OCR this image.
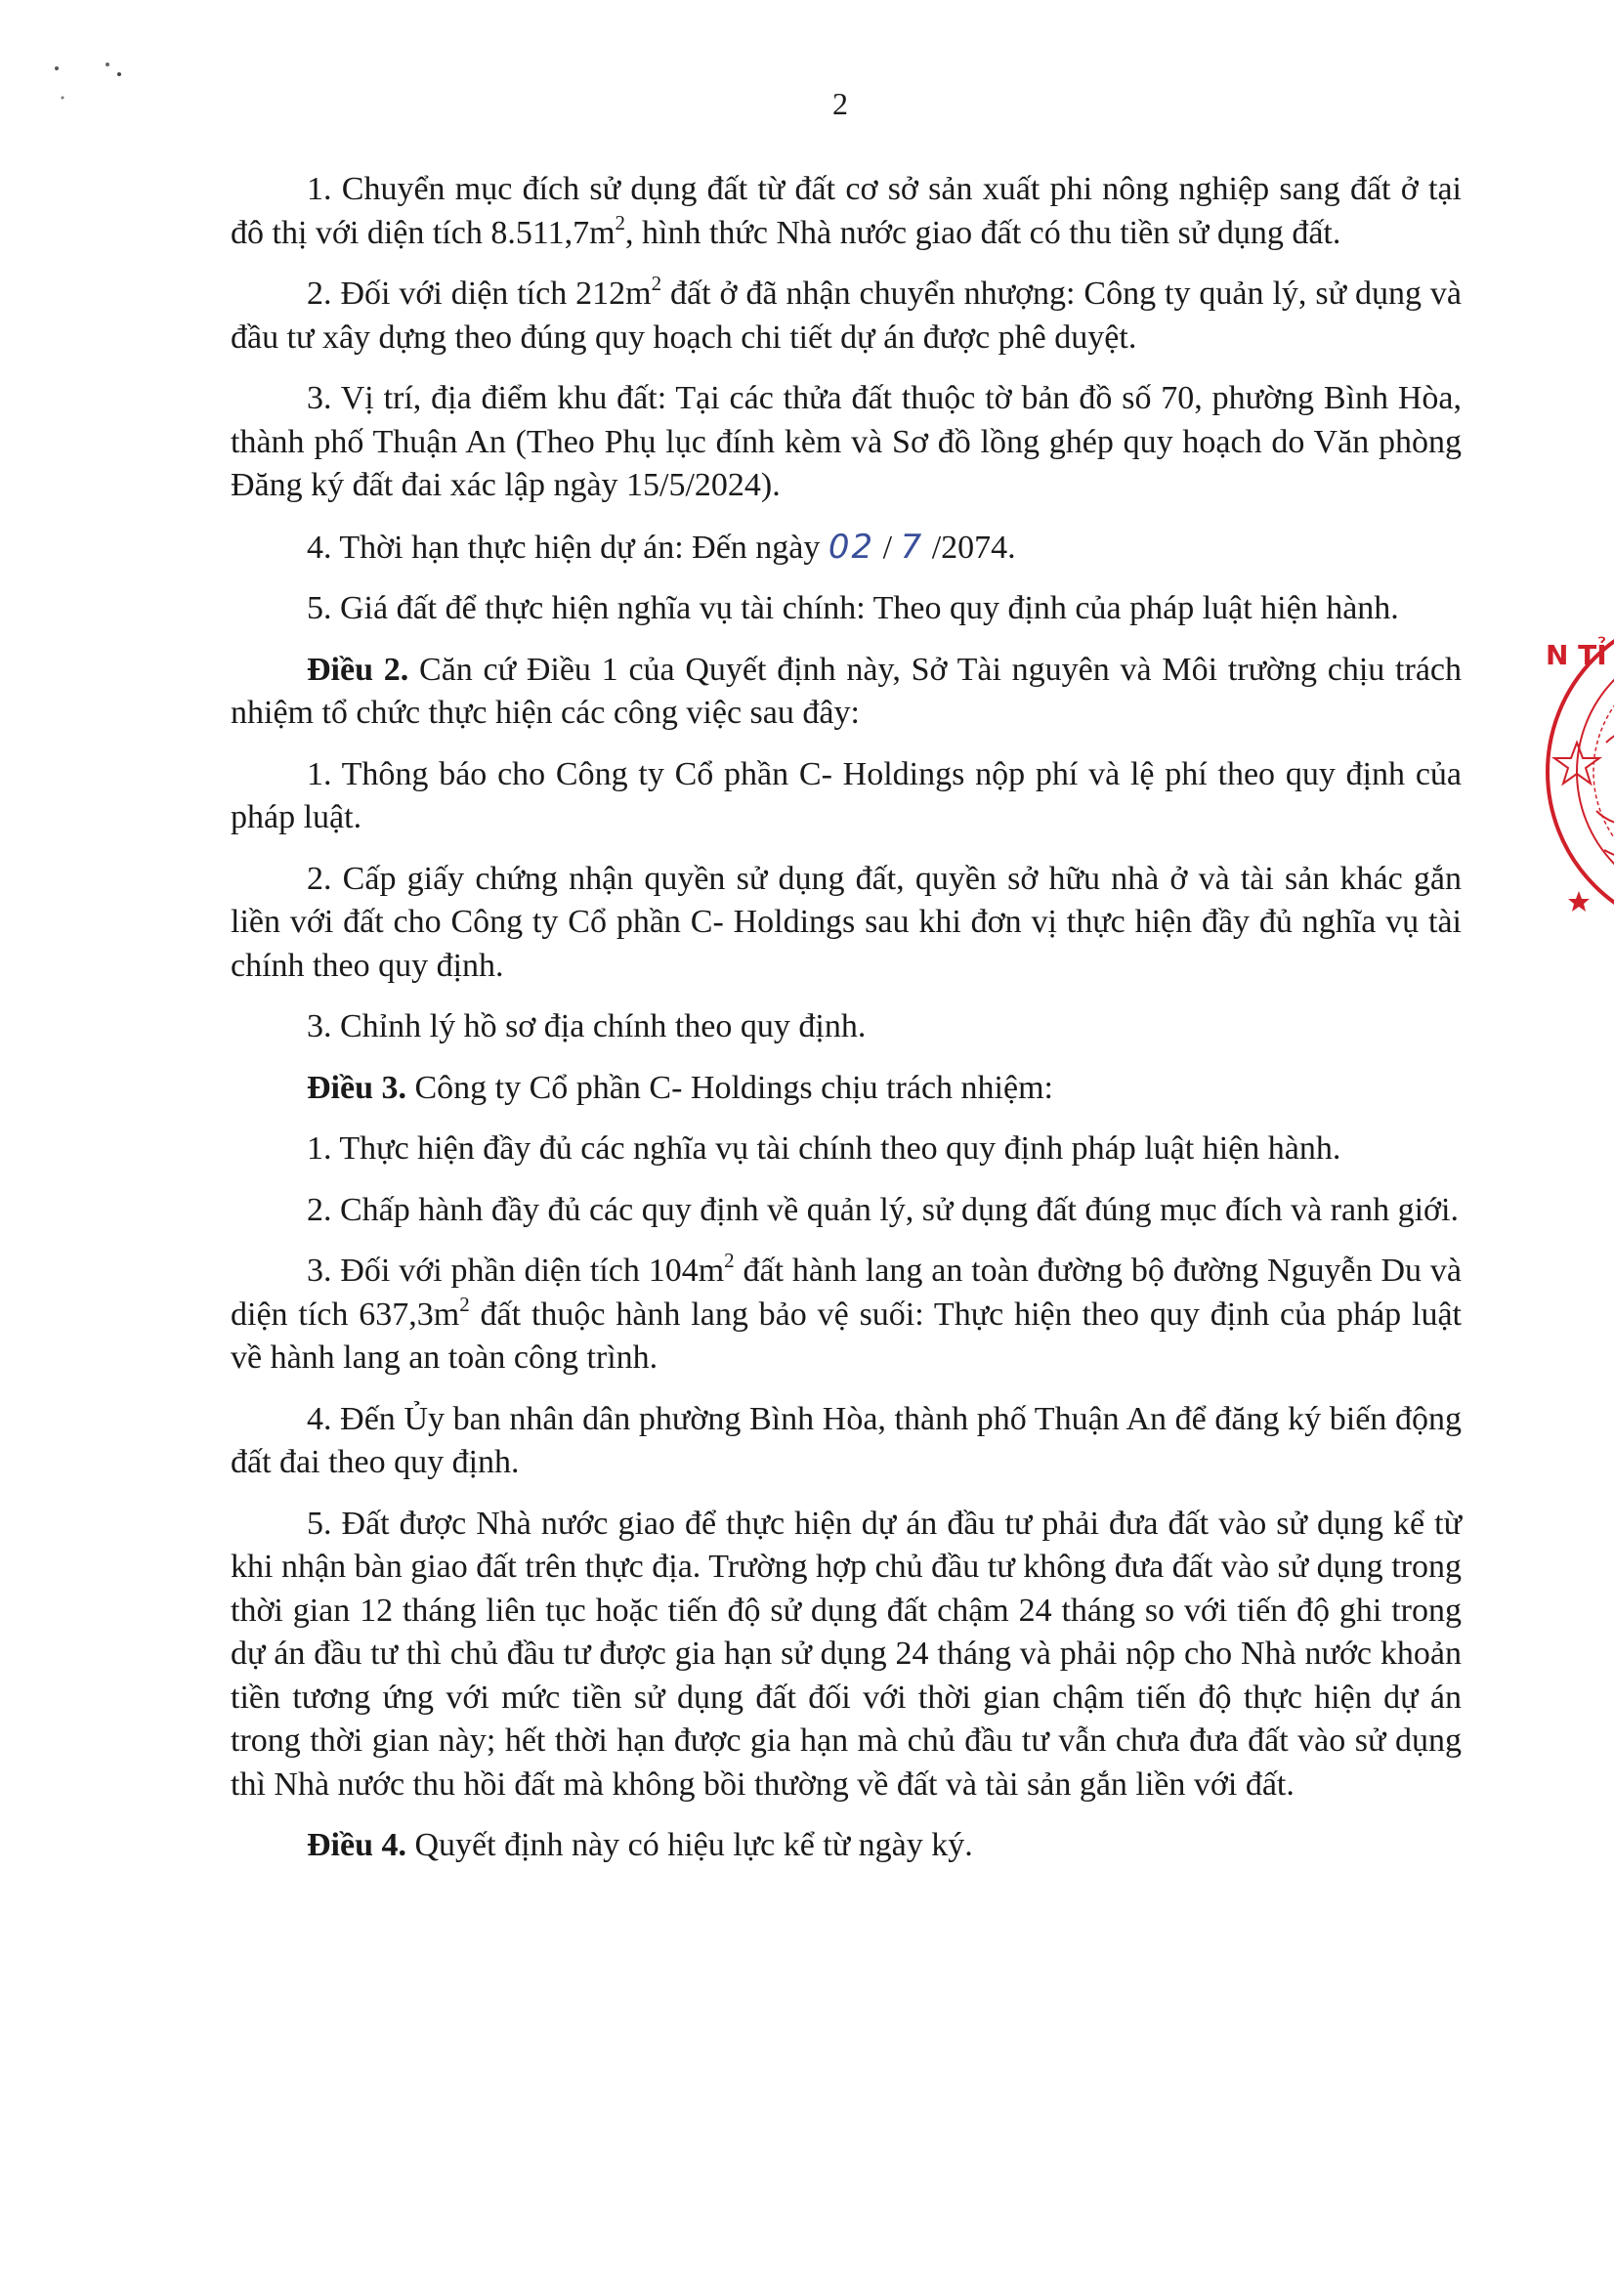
2

1. Chuyển mục đích sử dụng đất từ đất cơ sở sản xuất phi nông nghiệp sang đất ở tại đô thị với diện tích $8.511,7m^2$, hình thức Nhà nước giao đất có thu tiền sử dụng đất.

2. Đối với diện tích $212m^2$ đất ở đã nhận chuyển nhượng: Công ty quản lý, sử dụng và đầu tư xây dựng theo đúng quy hoạch chi tiết dự án được phê duyệt.

3. Vị trí, địa điểm khu đất: Tại các thửa đất thuộc tờ bản đồ số 70, phường Bình Hòa, thành phố Thuận An (Theo Phụ lục đính kèm và Sơ đồ lồng ghép quy hoạch do Văn phòng Đăng ký đất đai xác lập ngày 15/5/2024).

4. Thời hạn thực hiện dự án: Đến ngày 02 / 7 /2074.

5. Giá đất để thực hiện nghĩa vụ tài chính: Theo quy định của pháp luật hiện hành.

Điều 2. Căn cứ Điều 1 của Quyết định này, Sở Tài nguyên và Môi trường chịu trách nhiệm tổ chức thực hiện các công việc sau đây:

1. Thông báo cho Công ty Cổ phần C- Holdings nộp phí và lệ phí theo quy định của pháp luật.

2. Cấp giấy chứng nhận quyền sử dụng đất, quyền sở hữu nhà ở và tài sản khác gắn liền với đất cho Công ty Cổ phần C- Holdings sau khi đơn vị thực hiện đầy đủ nghĩa vụ tài chính theo quy định.

3. Chỉnh lý hồ sơ địa chính theo quy định.

Điều 3. Công ty Cổ phần C- Holdings chịu trách nhiệm:

1. Thực hiện đầy đủ các nghĩa vụ tài chính theo quy định pháp luật hiện hành.

2. Chấp hành đầy đủ các quy định về quản lý, sử dụng đất đúng mục đích và ranh giới.

3. Đối với phần diện tích $104m^2$ đất hành lang an toàn đường bộ đường Nguyễn Du và diện tích $637,3m^2$ đất thuộc hành lang bảo vệ suối: Thực hiện theo quy định của pháp luật về hành lang an toàn công trình.

4. Đến Ủy ban nhân dân phường Bình Hòa, thành phố Thuận An để đăng ký biến động đất đai theo quy định.

5. Đất được Nhà nước giao để thực hiện dự án đầu tư phải đưa đất vào sử dụng kể từ khi nhận bàn giao đất trên thực địa. Trường hợp chủ đầu tư không đưa đất vào sử dụng trong thời gian 12 tháng liên tục hoặc tiến độ sử dụng đất chậm 24 tháng so với tiến độ ghi trong dự án đầu tư thì chủ đầu tư được gia hạn sử dụng 24 tháng và phải nộp cho Nhà nước khoản tiền tương ứng với mức tiền sử dụng đất đối với thời gian chậm tiến độ thực hiện dự án trong thời gian này; hết thời hạn được gia hạn mà chủ đầu tư vẫn chưa đưa đất vào sử dụng thì Nhà nước thu hồi đất mà không bồi thường về đất và tài sản gắn liền với đất.

Điều 4. Quyết định này có hiệu lực kể từ ngày ký.

N TỈ
